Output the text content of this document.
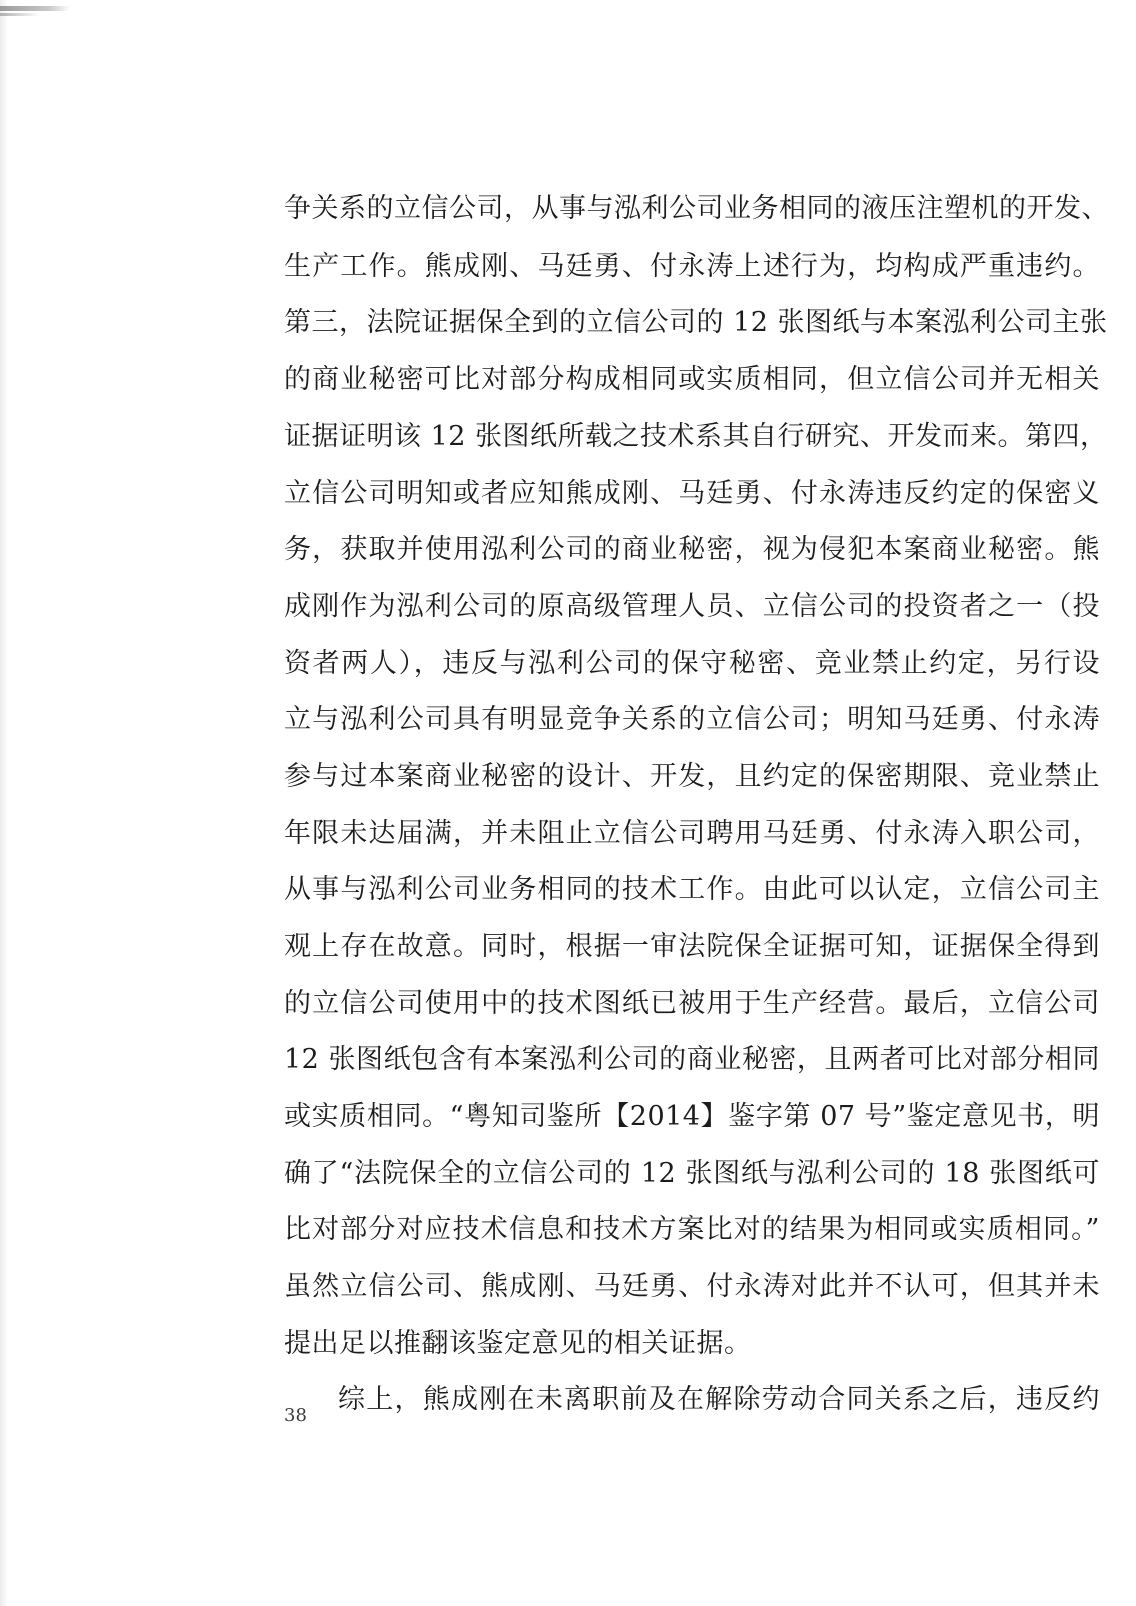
争关系的立信公司，从事与泓利公司业务相同的液压注塑机的开发、
生产工作。熊成刚、马廷勇、付永涛上述行为，均构成严重违约。
第三，法院证据保全到的立信公司的 12 张图纸与本案泓利公司主张
的商业秘密可比对部分构成相同或实质相同，但立信公司并无相关
证据证明该 12 张图纸所载之技术系其自行研究、开发而来。第四，
立信公司明知或者应知熊成刚、马廷勇、付永涛违反约定的保密义
务，获取并使用泓利公司的商业秘密，视为侵犯本案商业秘密。熊
成刚作为泓利公司的原高级管理人员、立信公司的投资者之一（投
资者两人），违反与泓利公司的保守秘密、竞业禁止约定，另行设
立与泓利公司具有明显竞争关系的立信公司；明知马廷勇、付永涛
参与过本案商业秘密的设计、开发，且约定的保密期限、竞业禁止
年限未达届满，并未阻止立信公司聘用马廷勇、付永涛入职公司，
从事与泓利公司业务相同的技术工作。由此可以认定，立信公司主
观上存在故意。同时，根据一审法院保全证据可知，证据保全得到
的立信公司使用中的技术图纸已被用于生产经营。最后，立信公司
12 张图纸包含有本案泓利公司的商业秘密，且两者可比对部分相同
或实质相同。“粤知司鉴所【2014】鉴字第 07 号”鉴定意见书，明
确了“法院保全的立信公司的 12 张图纸与泓利公司的 18 张图纸可
比对部分对应技术信息和技术方案比对的结果为相同或实质相同。”
虽然立信公司、熊成刚、马廷勇、付永涛对此并不认可，但其并未
提出足以推翻该鉴定意见的相关证据。
综上，熊成刚在未离职前及在解除劳动合同关系之后，违反约
38
